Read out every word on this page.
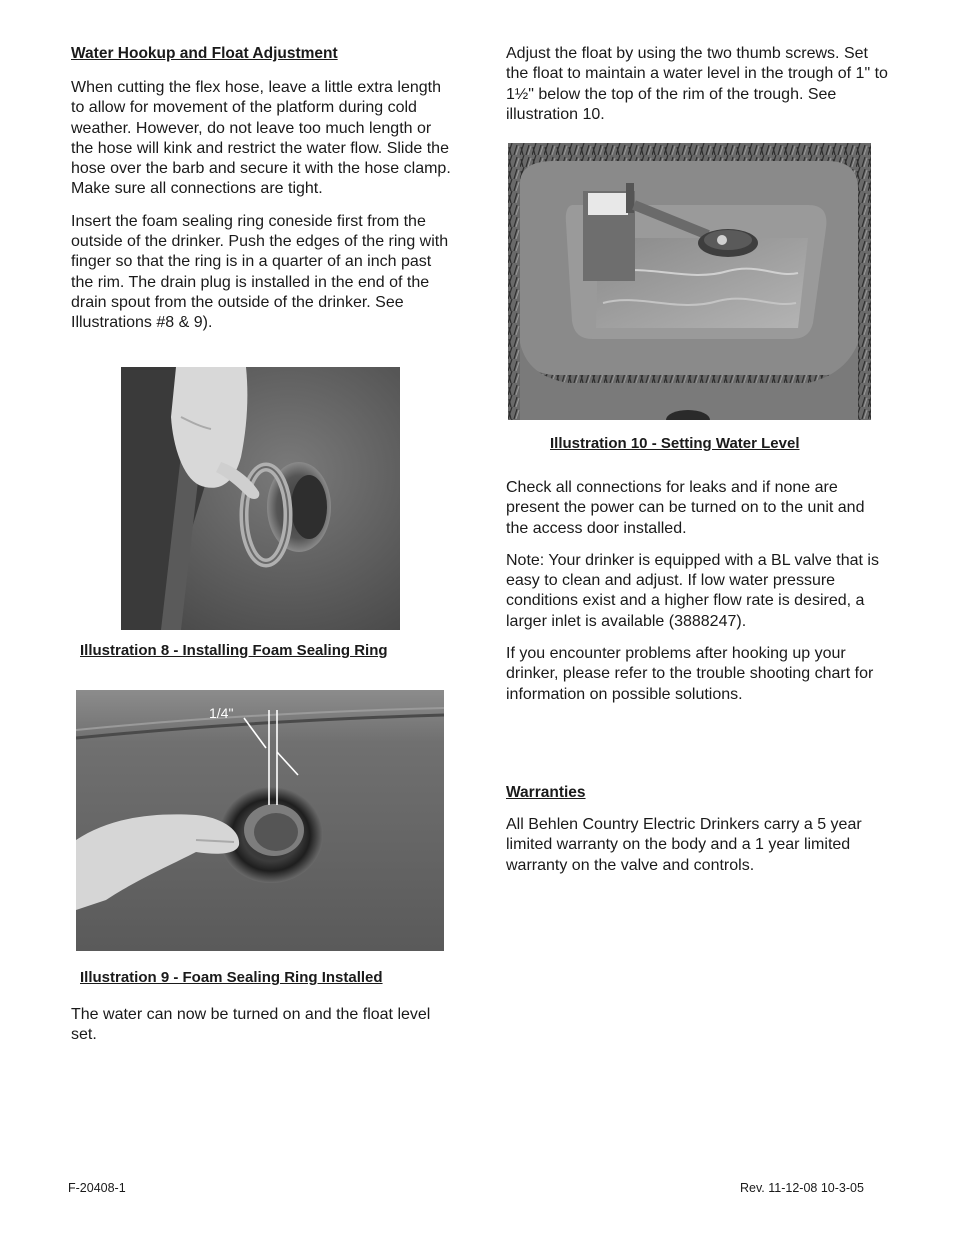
Water Hookup and Float Adjustment

When cutting the flex hose, leave a little extra length to allow for movement of the platform during cold weather. However, do not leave too much length or the hose will kink and restrict the water flow. Slide the hose over the barb and secure it with the hose clamp. Make sure all connections are tight.

Insert the foam sealing ring coneside first from the outside of the drinker. Push the edges of the ring with finger so that the ring is in a quarter of an inch past the rim. The drain plug is installed in the end of the drain spout from the outside of the drinker. See Illustrations #8 & 9).

Illustration 8 - Installing Foam Sealing Ring
1/4"
Illustration 9 - Foam Sealing Ring Installed

The water can now be turned on and the float level set.

Adjust the float by using the two thumb screws. Set the float to maintain a water level in the trough of 1" to 1½" below the top of the rim of the trough. See illustration 10.

Illustration 10 - Setting Water Level

Check all connections for leaks and if none are present the power can be turned on to the unit and the access door installed.

Note: Your drinker is equipped with a BL valve that is easy to clean and adjust. If low water pressure conditions exist and a higher flow rate is desired, a larger inlet is available (3888247).

If you encounter problems after hooking up your drinker, please refer to the trouble shooting chart for information on possible solutions.

Warranties

All Behlen Country Electric Drinkers carry a 5 year limited warranty on the body and a 1 year limited warranty on the valve and controls.

F-20408-1	Rev. 11-12-08 10-3-05
